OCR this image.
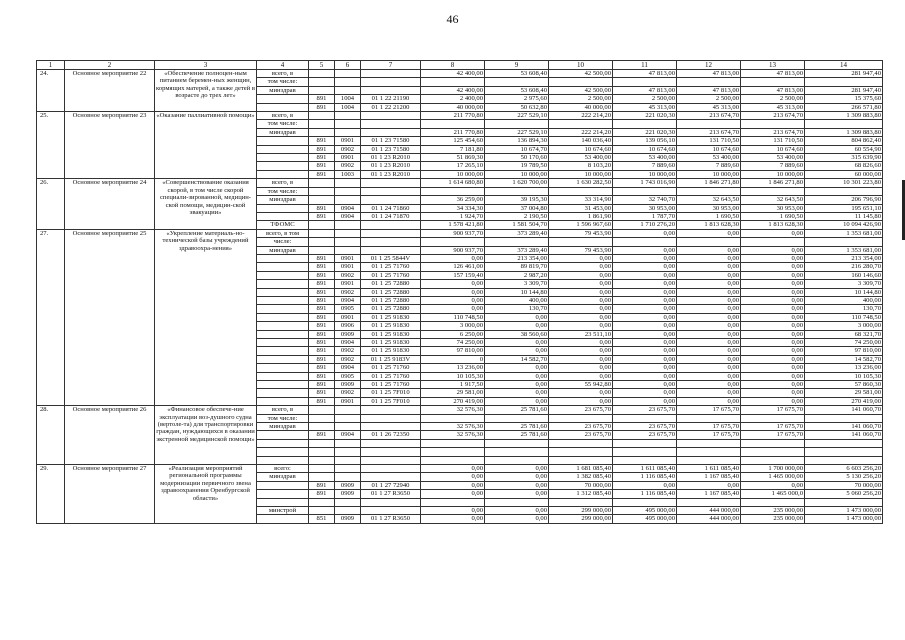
46
1	2	3	4	5	6	7	8	9	10	11	12	13	14
24.	Основное мероприятие 22	«Обеспечение полноцен-ным питанием беремен-ных женщин, кормящих матерей, а также детей в возрасте до трех лет»	всего, в				42 400,00	53 608,40	42 500,00	47 813,00	47 813,00	47 813,00	281 947,40
			том числе:										
			минздрав				42 400,00	53 608,40	42 500,00	47 813,00	47 813,00	47 813,00	281 947,40
				891	1004	01 1 22 21190	2 400,00	2 975,60	2 500,00	2 500,00	2 500,00	2 500,00	15 375,60
				891	1004	01 1 22 21200	40 000,00	50 632,80	40 000,00	45 313,00	45 313,00	45 313,00	266 571,80
25.	Основное мероприятие 23	«Оказание паллиативной помощи»	всего, в				211 770,80	227 529,10	222 214,20	221 020,30	213 674,70	213 674,70	1 309 883,80
			том числе:										
			минздрав				211 770,80	227 529,10	222 214,20	221 020,30	213 674,70	213 674,70	1 309 883,80
				891	0901	01 1 23 71580	125 454,60	136 894,30	140 036,40	139 056,10	131 710,50	131 710,50	804 862,40
				891	0902	01 1 23 71580	7 181,80	10 674,70	10 674,60	10 674,60	10 674,60	10 674,60	60 554,90
				891	0901	01 1 23 R2010	51 869,30	50 170,60	53 400,00	53 400,00	53 400,00	53 400,00	315 639,90
				891	0902	01 1 23 R2010	17 265,10	19 789,50	8 103,20	7 889,60	7 889,60	7 889,60	68 826,60
				891	1003	01 1 23 R2010	10 000,00	10 000,00	10 000,00	10 000,00	10 000,00	10 000,00	60 000,00
26.	Основное мероприятие 24	«Совершенствование оказания скорой, в том числе скорой специали-зированной, медицин-ской помощи, медицин-ской эвакуации»	всего, в				1 614 680,80	1 620 700,00	1 630 282,50	1 743 016,90	1 846 271,80	1 846 271,80	10 301 223,80
			том числе:										
			минздрав				36 259,00	39 195,30	33 314,90	32 740,70	32 643,50	32 643,50	206 796,90
				891	0904	01 1 24 71860	34 334,30	37 004,80	31 453,00	30 953,00	30 953,00	30 953,00	195 651,10
				891	0904	01 1 24 71870	1 924,70	2 190,50	1 861,90	1 787,70	1 690,50	1 690,50	11 145,80
			ТФОМС				1 578 421,80	1 581 504,70	1 596 967,60	1 710 276,20	1 813 628,30	1 813 628,30	10 094 426,90
27.	Основное мероприятие 25	«Укрепление материаль-но-технической базы учреждений здравоохра-нения»	всего, в том				900 937,70	373 289,40	79 453,90	0,00	0,00	0,00	1 353 681,00
			числе:										
			минздрав				900 937,70	373 289,40	79 453,90	0,00	0,00	0,00	1 353 681,00
				891	0901	01 1 25 5844V	0,00	213 354,00	0,00	0,00	0,00	0,00	213 354,00
				891	0901	01 1 25 71760	126 461,00	89 819,70	0,00	0,00	0,00	0,00	216 280,70
				891	0902	01 1 25 71760	157 159,40	2 987,20	0,00	0,00	0,00	0,00	160 146,60
				891	0901	01 1 25 72880	0,00	3 309,70	0,00	0,00	0,00	0,00	3 309,70
				891	0902	01 1 25 72880	0,00	10 144,80	0,00	0,00	0,00	0,00	10 144,80
				891	0904	01 1 25 72880	0,00	400,00	0,00	0,00	0,00	0,00	400,00
				891	0905	01 1 25 72880	0,00	130,70	0,00	0,00	0,00	0,00	130,70
				891	0901	01 1 25 91830	110 748,50	0,00	0,00	0,00	0,00	0,00	110 748,50
				891	0906	01 1 25 91830	3 000,00	0,00	0,00	0,00	0,00	0,00	3 000,00
				891	0909	01 1 25 91830	6 250,00	38 560,60	23 511,10	0,00	0,00	0,00	68 321,70
				891	0904	01 1 25 91830	74 250,00	0,00	0,00	0,00	0,00	0,00	74 250,00
				891	0902	01 1 25 91830	97 810,00	0,00	0,00	0,00	0,00	0,00	97 810,00
				891	0902	01 1 25 9183V	0	14 582,70	0,00	0,00	0,00	0,00	14 582,70
				891	0904	01 1 25 71760	13 236,00	0,00	0,00	0,00	0,00	0,00	13 236,00
				891	0905	01 1 25 71760	10 105,30	0,00	0,00	0,00	0,00	0,00	10 105,30
				891	0909	01 1 25 71760	1 917,50	0,00	55 942,80	0,00	0,00	0,00	57 860,30
				891	0902	01 1 25 7F010	29 581,00	0,00	0,00	0,00	0,00	0,00	29 581,00
				891	0901	01 1 25 7F010	270 419,00	0,00	0,00	0,00	0,00	0,00	270 419,00
28.	Основное мероприятие 26	«Финансовое обеспече-ние эксплуатации воз-душного судна (вертоле-та) для транспортировки граждан, нуждающихся в оказании экстренной медицинской помощи»	всего, в				32 576,30	25 781,60	23 675,70	23 675,70	17 675,70	17 675,70	141 060,70
			том числе:										
			минздрав				32 576,30	25 781,60	23 675,70	23 675,70	17 675,70	17 675,70	141 060,70
				891	0904	01 1 26 72350	32 576,30	25 781,60	23 675,70	23 675,70	17 675,70	17 675,70	141 060,70

29.	Основное мероприятие 27	«Реализация мероприятий региональной программы модернизации первичного звена здравоохранения Оренбургской области»	всего:				0,00	0,00	1 681 085,40	1 611 085,40	1 611 085,40	1 700 000,00	6 603 256,20
			минздрав				0,00	0,00	1 382 085,40	1 116 085,40	1 167 085,40	1 465 000,00	5 130 256,20
				891	0909	01 1 27 72940	0,00	0,00	70 000,00	0,00	0,00	0,00	70 000,00
				891	0909	01 1 27 R3650	0,00	0,00	1 312 085,40	1 116 085,40	1 167 085,40	1 465 000,0	5 060 256,20

			минстрой				0,00	0,00	299 000,00	495 000,00	444 000,00	235 000,00	1 473 000,00
				851	0909	01 1 27 R3650	0,00	0,00	299 000,00	495 000,00	444 000,00	235 000,00	1 473 000,00
